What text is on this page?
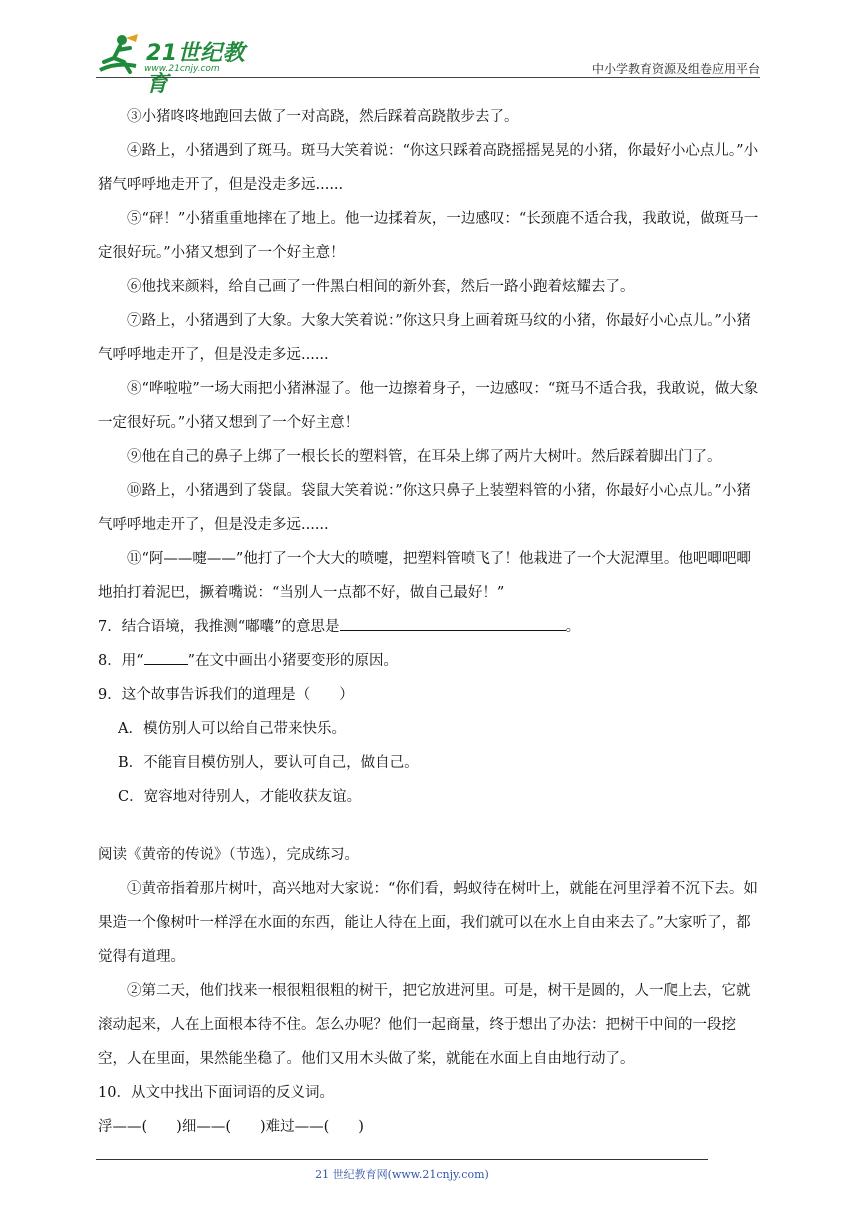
21世纪教育
www.21cnjy.com	中小学教育资源及组卷应用平台

③小猪咚咚地跑回去做了一对高跷，然后踩着高跷散步去了。

④路上，小猪遇到了斑马。斑马大笑着说：“你这只踩着高跷摇摇晃晃的小猪，你最好小心点儿。”小猪气呼呼地走开了，但是没走多远......

⑤“砰！”小猪重重地摔在了地上。他一边揉着灰，一边感叹：“长颈鹿不适合我，我敢说，做斑马一定很好玩。”小猪又想到了一个好主意！

⑥他找来颜料，给自己画了一件黑白相间的新外套，然后一路小跑着炫耀去了。

⑦路上，小猪遇到了大象。大象大笑着说：”你这只身上画着斑马纹的小猪，你最好小心点儿。”小猪气呼呼地走开了，但是没走多远......

⑧“哗啦啦”一场大雨把小猪淋湿了。他一边擦着身子，一边感叹：“斑马不适合我，我敢说，做大象一定很好玩。”小猪又想到了一个好主意！

⑨他在自己的鼻子上绑了一根长长的塑料管，在耳朵上绑了两片大树叶。然后踩着脚出门了。

⑩路上，小猪遇到了袋鼠。袋鼠大笑着说：”你这只鼻子上装塑料管的小猪，你最好小心点儿。”小猪气呼呼地走开了，但是没走多远......

⑪“阿——嚏——”他打了一个大大的喷嚏，把塑料管喷飞了！他栽进了一个大泥潭里。他吧唧吧唧地拍打着泥巴，撅着嘴说：“当别人一点都不好，做自己最好！”

7．结合语境，我推测“嘟囔”的意思是	。

8．用“	”在文中画出小猪要变形的原因。

9．这个故事告诉我们的道理是（　　）

A．模仿别人可以给自己带来快乐。

B．不能盲目模仿别人，要认可自己，做自己。

C．宽容地对待别人，才能收获友谊。

阅读《黄帝的传说》（节选），完成练习。

①黄帝指着那片树叶，高兴地对大家说：“你们看，蚂蚁待在树叶上，就能在河里浮着不沉下去。如果造一个像树叶一样浮在水面的东西，能让人待在上面，我们就可以在水上自由来去了。”大家听了，都觉得有道理。

②第二天，他们找来一根很粗很粗的树干，把它放进河里。可是，树干是圆的，人一爬上去，它就滚动起来，人在上面根本待不住。怎么办呢？他们一起商量，终于想出了办法：把树干中间的一段挖空，人在里面，果然能坐稳了。他们又用木头做了桨，就能在水面上自由地行动了。

10．从文中找出下面词语的反义词。

浮——(　　)细——(　　)难过——(　　)

21 世纪教育网(www.21cnjy.com)
